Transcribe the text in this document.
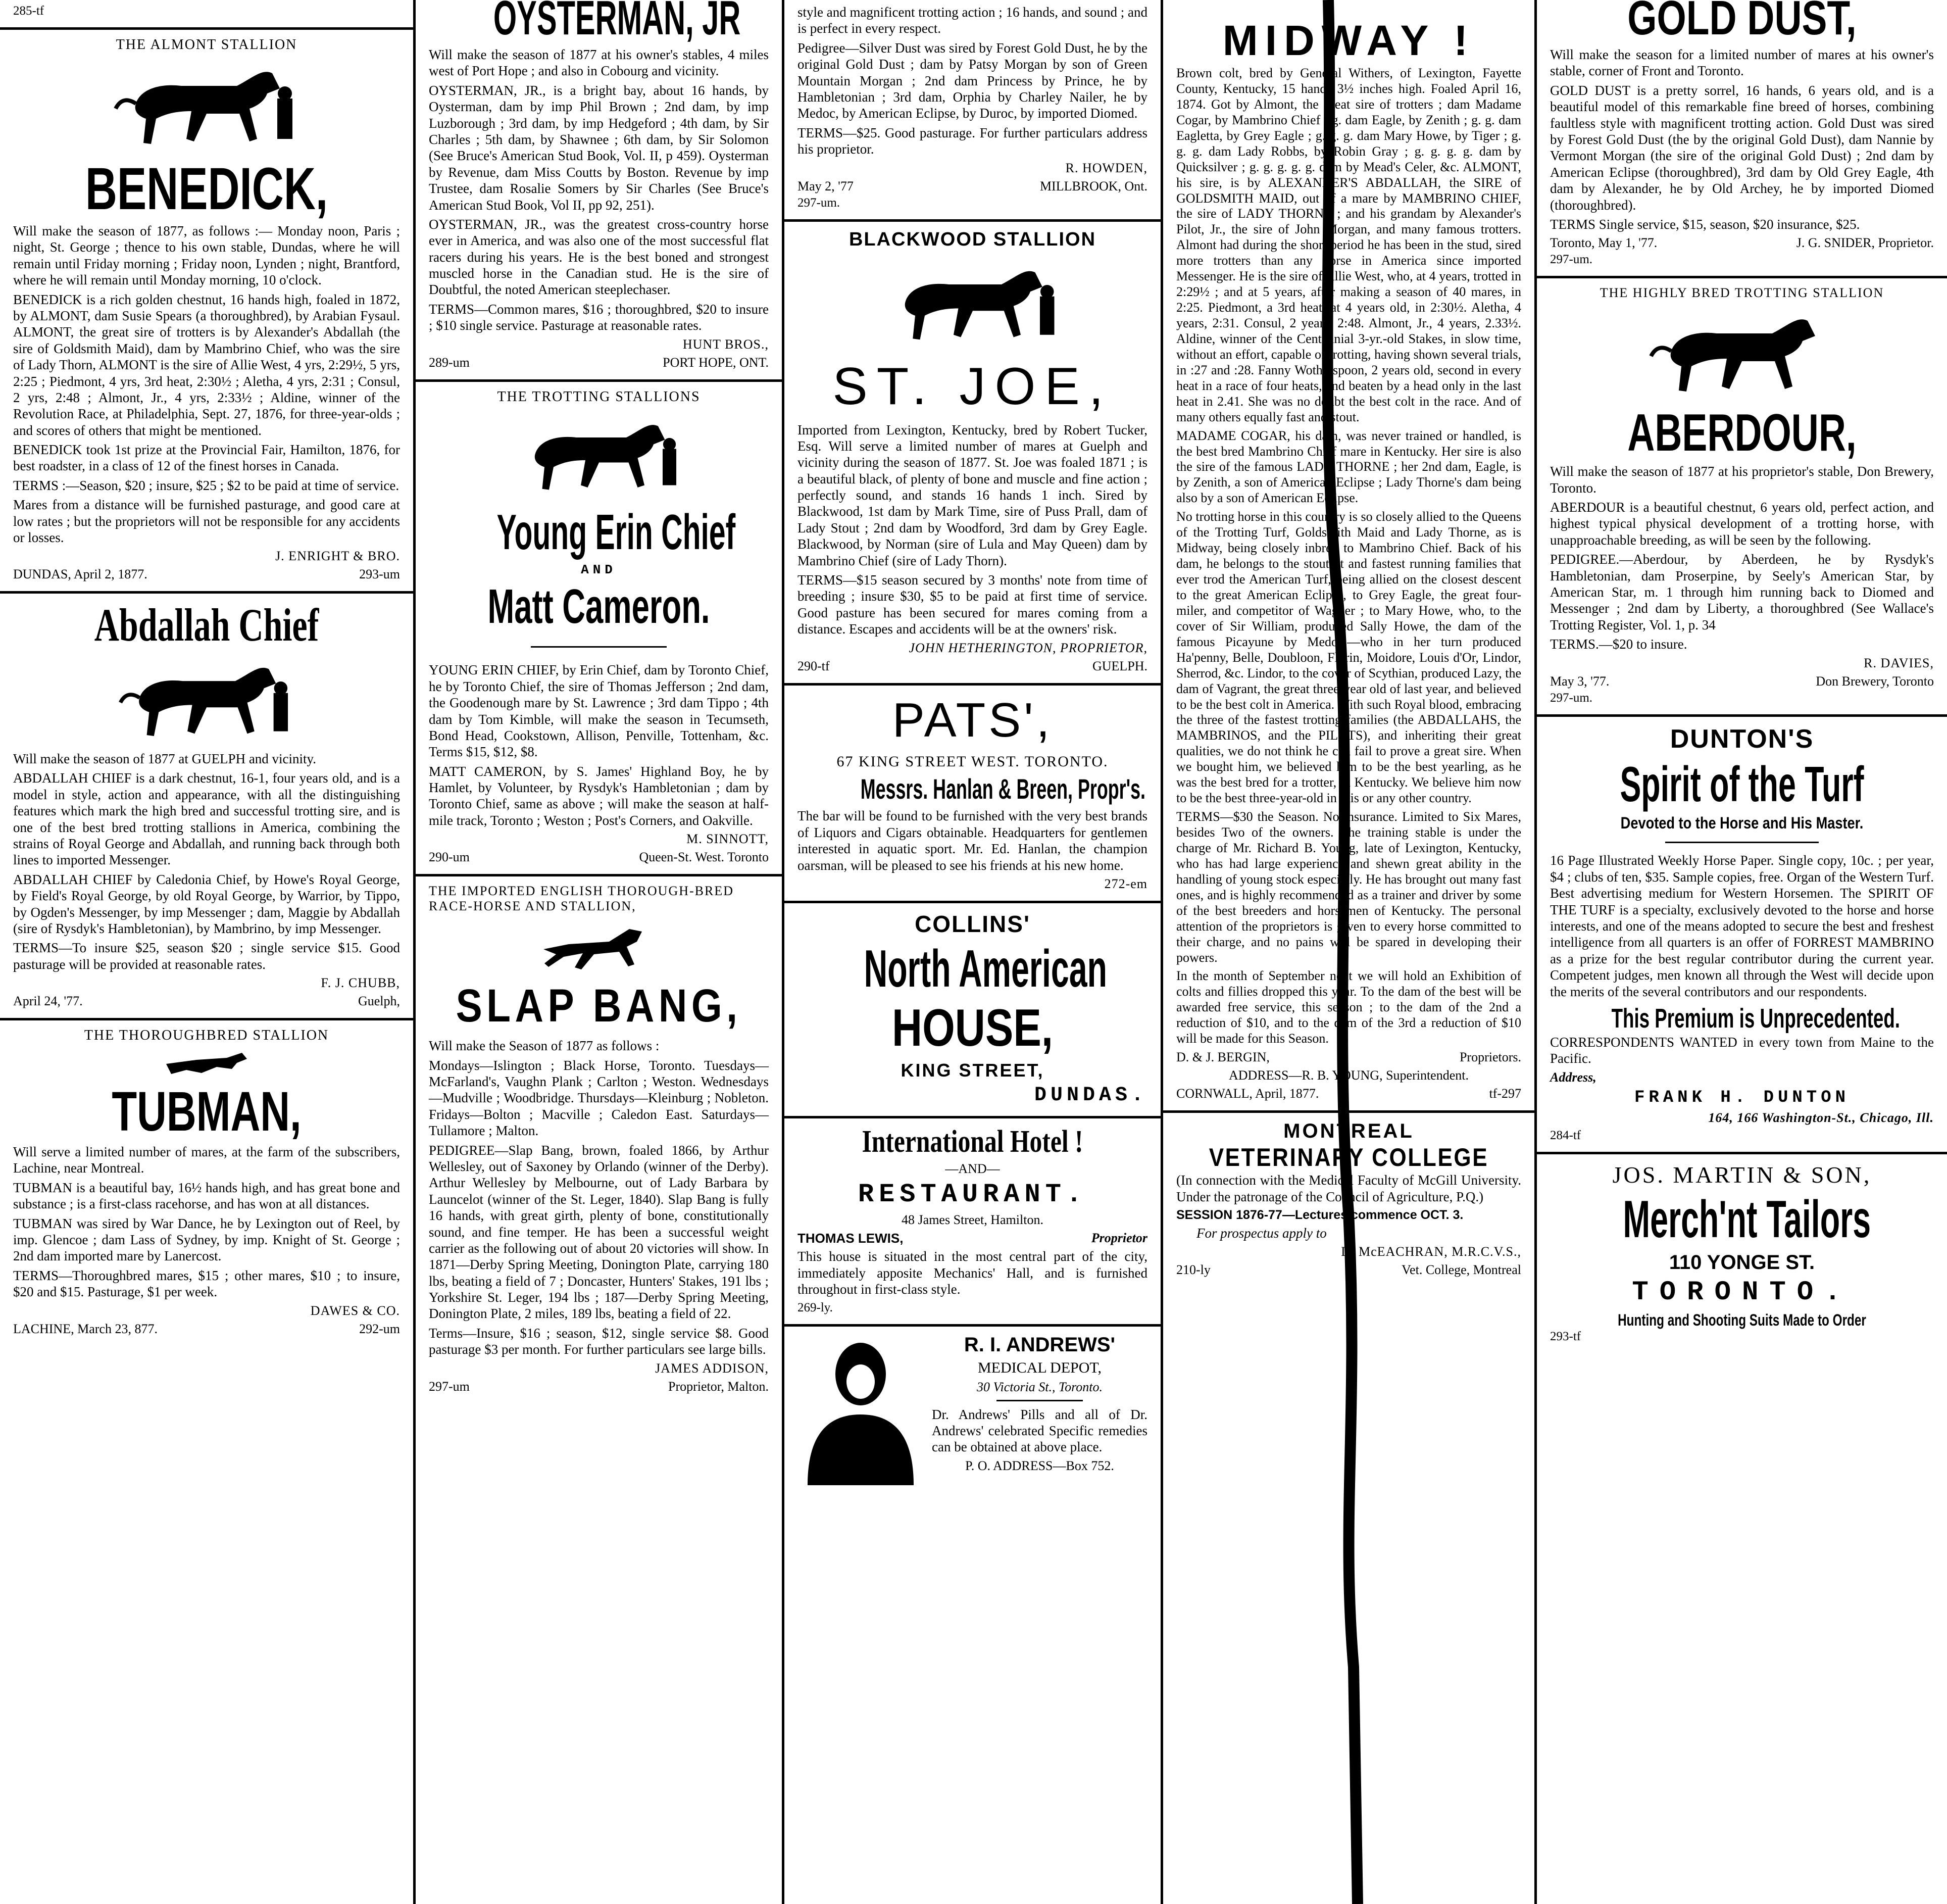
285-tf
THE ALMONT STALLION
BENEDICK,

Will make the season of 1877, as follows :— Monday noon, Paris ; night, St. George ; thence to his own stable, Dundas, where he will remain until Friday morning ; Friday noon, Lynden ; night, Brantford, where he will remain until Monday morning, 10 o'clock.

BENEDICK is a rich golden chestnut, 16 hands high, foaled in 1872, by ALMONT, dam Susie Spears (a thoroughbred), by Arabian Fysaul. ALMONT, the great sire of trotters is by Alexander's Abdallah (the sire of Goldsmith Maid), dam by Mambrino Chief, who was the sire of Lady Thorn, ALMONT is the sire of Allie West, 4 yrs, 2:29½, 5 yrs, 2:25 ; Piedmont, 4 yrs, 3rd heat, 2:30½ ; Aletha, 4 yrs, 2:31 ; Consul, 2 yrs, 2:48 ; Almont, Jr., 4 yrs, 2:33½ ; Aldine, winner of the Revolution Race, at Philadelphia, Sept. 27, 1876, for three-year-olds ; and scores of others that might be mentioned.

BENEDICK took 1st prize at the Provincial Fair, Hamilton, 1876, for best roadster, in a class of 12 of the finest horses in Canada.

TERMS :—Season, $20 ; insure, $25 ; $2 to be paid at time of service.

Mares from a distance will be furnished pasturage, and good care at low rates ; but the proprietors will not be responsible for any accidents or losses.

J. ENRIGHT & BRO.
DUNDAS, April 2, 1877.	293-um
Abdallah Chief

Will make the season of 1877 at GUELPH and vicinity.

ABDALLAH CHIEF is a dark chestnut, 16-1, four years old, and is a model in style, action and appearance, with all the distinguishing features which mark the high bred and successful trotting sire, and is one of the best bred trotting stallions in America, combining the strains of Royal George and Abdallah, and running back through both lines to imported Messenger.

ABDALLAH CHIEF by Caledonia Chief, by Howe's Royal George, by Field's Royal George, by old Royal George, by Warrior, by Tippo, by Ogden's Messenger, by imp Messenger ; dam, Maggie by Abdallah (sire of Rysdyk's Hambletonian), by Mambrino, by imp Messenger.

TERMS—To insure $25, season $20 ; single service $15. Good pasturage will be provided at reasonable rates.

F. J. CHUBB,
April 24, '77.	Guelph,
THE THOROUGHBRED STALLION
TUBMAN,

Will serve a limited number of mares, at the farm of the subscribers, Lachine, near Montreal.

TUBMAN is a beautiful bay, 16½ hands high, and has great bone and substance ; is a first-class racehorse, and has won at all distances.

TUBMAN was sired by War Dance, he by Lexington out of Reel, by imp. Glencoe ; dam Lass of Sydney, by imp. Knight of St. George ; 2nd dam imported mare by Lanercost.

TERMS—Thoroughbred mares, $15 ; other mares, $10 ; to insure, $20 and $15. Pasturage, $1 per week.

DAWES & CO.
LACHINE, March 23, 877.	292-um
OYSTERMAN, JR

Will make the season of 1877 at his owner's stables, 4 miles west of Port Hope ; and also in Cobourg and vicinity.

OYSTERMAN, JR., is a bright bay, about 16 hands, by Oysterman, dam by imp Phil Brown ; 2nd dam, by imp Luzborough ; 3rd dam, by imp Hedgeford ; 4th dam, by Sir Charles ; 5th dam, by Shawnee ; 6th dam, by Sir Solomon (See Bruce's American Stud Book, Vol. II, p 459). Oysterman by Revenue, dam Miss Coutts by Boston. Revenue by imp Trustee, dam Rosalie Somers by Sir Charles (See Bruce's American Stud Book, Vol II, pp 92, 251).

OYSTERMAN, JR., was the greatest cross-country horse ever in America, and was also one of the most successful flat racers during his years. He is the best boned and strongest muscled horse in the Canadian stud. He is the sire of Doubtful, the noted American steeplechaser.

TERMS—Common mares, $16 ; thoroughbred, $20 to insure ; $10 single service. Pasturage at reasonable rates.

HUNT BROS.,
289-um	PORT HOPE, ONT.
THE TROTTING STALLIONS
Young Erin Chief
AND
Matt Cameron.

YOUNG ERIN CHIEF, by Erin Chief, dam by Toronto Chief, he by Toronto Chief, the sire of Thomas Jefferson ; 2nd dam, the Goodenough mare by St. Lawrence ; 3rd dam Tippo ; 4th dam by Tom Kimble, will make the season in Tecumseth, Bond Head, Cookstown, Allison, Penville, Tottenham, &c. Terms $15, $12, $8.

MATT CAMERON, by S. James' Highland Boy, he by Hamlet, by Volunteer, by Rysdyk's Hambletonian ; dam by Toronto Chief, same as above ; will make the season at half-mile track, Toronto ; Weston ; Post's Corners, and Oakville.

M. SINNOTT,
290-um	Queen-St. West. Toronto
THE IMPORTED ENGLISH THOROUGH-BRED RACE-HORSE AND STALLION,
SLAP BANG,

Will make the Season of 1877 as follows :

Mondays—Islington ; Black Horse, Toronto. Tuesdays—McFarland's, Vaughn Plank ; Carlton ; Weston. Wednesdays—Mudville ; Woodbridge. Thursdays—Kleinburg ; Nobleton. Fridays—Bolton ; Macville ; Caledon East. Saturdays—Tullamore ; Malton.

PEDIGREE—Slap Bang, brown, foaled 1866, by Arthur Wellesley, out of Saxoney by Orlando (winner of the Derby). Arthur Wellesley by Melbourne, out of Lady Barbara by Launcelot (winner of the St. Leger, 1840). Slap Bang is fully 16 hands, with great girth, plenty of bone, constitutionally sound, and fine temper. He has been a successful weight carrier as the following out of about 20 victories will show. In 1871—Derby Spring Meeting, Donington Plate, carrying 180 lbs, beating a field of 7 ; Doncaster, Hunters' Stakes, 191 lbs ; Yorkshire St. Leger, 194 lbs ; 187—Derby Spring Meeting, Donington Plate, 2 miles, 189 lbs, beating a field of 22.

Terms—Insure, $16 ; season, $12, single service $8. Good pasturage $3 per month. For further particulars see large bills.

JAMES ADDISON,
297-um	Proprietor, Malton.

style and magnificent trotting action ; 16 hands, and sound ; and is perfect in every respect.

Pedigree—Silver Dust was sired by Forest Gold Dust, he by the original Gold Dust ; dam by Patsy Morgan by son of Green Mountain Morgan ; 2nd dam Princess by Prince, he by Hambletonian ; 3rd dam, Orphia by Charley Nailer, he by Medoc, by American Eclipse, by Duroc, by imported Diomed.

TERMS—$25. Good pasturage. For further particulars address his proprietor.

R. HOWDEN,
May 2, '77	MILLBROOK, Ont.
297-um.
BLACKWOOD STALLION
ST. JOE,

Imported from Lexington, Kentucky, bred by Robert Tucker, Esq. Will serve a limited number of mares at Guelph and vicinity during the season of 1877. St. Joe was foaled 1871 ; is a beautiful black, of plenty of bone and muscle and fine action ; perfectly sound, and stands 16 hands 1 inch. Sired by Blackwood, 1st dam by Mark Time, sire of Puss Prall, dam of Lady Stout ; 2nd dam by Woodford, 3rd dam by Grey Eagle. Blackwood, by Norman (sire of Lula and May Queen) dam by Mambrino Chief (sire of Lady Thorn).

TERMS—$15 season secured by 3 months' note from time of breeding ; insure $30, $5 to be paid at first time of service. Good pasture has been secured for mares coming from a distance. Escapes and accidents will be at the owners' risk.

JOHN HETHERINGTON, PROPRIETOR,
290-tf	GUELPH.
PATS',
67 KING STREET WEST. TORONTO.
Messrs. Hanlan & Breen, Propr's.

The bar will be found to be furnished with the very best brands of Liquors and Cigars obtainable. Headquarters for gentlemen interested in aquatic sport. Mr. Ed. Hanlan, the champion oarsman, will be pleased to see his friends at his new home.

272-em
COLLINS'
North American
HOUSE,
KING STREET,
DUNDAS.
International Hotel !
—AND—
RESTAURANT.
48 James Street, Hamilton.
THOMAS LEWIS,	Proprietor

This house is situated in the most central part of the city, immediately apposite Mechanics' Hall, and is furnished throughout in first-class style.

269-ly.
R. I. ANDREWS'
MEDICAL DEPOT,
30 Victoria St., Toronto.

Dr. Andrews' Pills and all of Dr. Andrews' celebrated Specific remedies can be obtained at above place.

P. O. ADDRESS—Box 752.
MIDWAY !

Brown colt, bred by General Withers, of Lexington, Fayette County, Kentucky, 15 hands 3½ inches high. Foaled April 16, 1874. Got by Almont, the great sire of trotters ; dam Madame Cogar, by Mambrino Chief ; g. dam Eagle, by Zenith ; g. g. dam Eagletta, by Grey Eagle ; g. g. g. dam Mary Howe, by Tiger ; g. g. g. dam Lady Robbs, by Robin Gray ; g. g. g. g. dam by Quicksilver ; g. g. g. g. g. dam by Mead's Celer, &c. ALMONT, his sire, is by ALEXANDER'S ABDALLAH, the SIRE of GOLDSMITH MAID, out of a mare by MAMBRINO CHIEF, the sire of LADY THORNE ; and his grandam by Alexander's Pilot, Jr., the sire of John Morgan, and many famous trotters. Almont had during the short period he has been in the stud, sired more trotters than any horse in America since imported Messenger. He is the sire of Allie West, who, at 4 years, trotted in 2:29½ ; and at 5 years, after making a season of 40 mares, in 2:25. Piedmont, a 3rd heat, at 4 years old, in 2:30½. Aletha, 4 years, 2:31. Consul, 2 years, 2:48. Almont, Jr., 4 years, 2.33½. Aldine, winner of the Centennial 3-yr.-old Stakes, in slow time, without an effort, capable of trotting, having shown several trials, in :27 and :28. Fanny Wotherspoon, 2 years old, second in every heat in a race of four heats, and beaten by a head only in the last heat in 2.41. She was no doubt the best colt in the race. And of many others equally fast and stout.

MADAME COGAR, his dam, was never trained or handled, is the best bred Mambrino Chief mare in Kentucky. Her sire is also the sire of the famous LADY THORNE ; her 2nd dam, Eagle, is by Zenith, a son of American Eclipse ; Lady Thorne's dam being also by a son of American Eclipse.

No trotting horse in this country is so closely allied to the Queens of the Trotting Turf, Goldsmith Maid and Lady Thorne, as is Midway, being closely inbred to Mambrino Chief. Back of his dam, he belongs to the stoutest and fastest running families that ever trod the American Turf, being allied on the closest descent to the great American Eclipse, to Grey Eagle, the great four-miler, and competitor of Wagner ; to Mary Howe, who, to the cover of Sir William, produced Sally Howe, the dam of the famous Picayune by Medoc,—who in her turn produced Ha'penny, Belle, Doubloon, Florin, Moidore, Louis d'Or, Lindor, Sherrod, &c. Lindor, to the cover of Scythian, produced Lazy, the dam of Vagrant, the great three-year old of last year, and believed to be the best colt in America. With such Royal blood, embracing the three of the fastest trotting families (the ABDALLAHS, the MAMBRINOS, and the PILOTS), and inheriting their great qualities, we do not think he can fail to prove a great sire. When we bought him, we believed him to be the best yearling, as he was the best bred for a trotter, in Kentucky. We believe him now to be the best three-year-old in this or any other country.

TERMS—$30 the Season. No insurance. Limited to Six Mares, besides Two of the owners. The training stable is under the charge of Mr. Richard B. Young, late of Lexington, Kentucky, who has had large experience and shewn great ability in the handling of young stock especially. He has brought out many fast ones, and is highly recommended as a trainer and driver by some of the best breeders and horsemen of Kentucky. The personal attention of the proprietors is given to every horse committed to their charge, and no pains will be spared in developing their powers.

In the month of September next we will hold an Exhibition of colts and fillies dropped this year. To the dam of the best will be awarded free service, this season ; to the dam of the 2nd a reduction of $10, and to the dam of the 3rd a reduction of $10 will be made for this Season.

D. & J. BERGIN,	Proprietors.
ADDRESS—R. B. YOUNG, Superintendent.
CORNWALL, April, 1877.	tf-297
MONTREAL
VETERINARY COLLEGE

(In connection with the Medical Faculty of McGill University. Under the patronage of the Council of Agriculture, P.Q.)

SESSION 1876-77—Lectures commence OCT. 3.
For prospectus apply to
D. McEACHRAN, M.R.C.V.S.,
210-ly	Vet. College, Montreal
GOLD DUST,

Will make the season for a limited number of mares at his owner's stable, corner of Front and Toronto.

GOLD DUST is a pretty sorrel, 16 hands, 6 years old, and is a beautiful model of this remarkable fine breed of horses, combining faultless style with magnificent trotting action. Gold Dust was sired by Forest Gold Dust (the by the original Gold Dust), dam Nannie by Vermont Morgan (the sire of the original Gold Dust) ; 2nd dam by American Eclipse (thoroughbred), 3rd dam by Old Grey Eagle, 4th dam by Alexander, he by Old Archey, he by imported Diomed (thoroughbred).

TERMS Single service, $15, season, $20 insurance, $25.

Toronto, May 1, '77.	J. G. SNIDER, Proprietor.
297-um.
THE HIGHLY BRED TROTTING STALLION
ABERDOUR,

Will make the season of 1877 at his proprietor's stable, Don Brewery, Toronto.

ABERDOUR is a beautiful chestnut, 6 years old, perfect action, and highest typical physical development of a trotting horse, with unapproachable breeding, as will be seen by the following.

PEDIGREE.—Aberdour, by Aberdeen, he by Rysdyk's Hambletonian, dam Proserpine, by Seely's American Star, by American Star, m. 1 through him running back to Diomed and Messenger ; 2nd dam by Liberty, a thoroughbred (See Wallace's Trotting Register, Vol. 1, p. 34

TERMS.—$20 to insure.

R. DAVIES,
May 3, '77.	Don Brewery, Toronto
297-um.
DUNTON'S
Spirit of the Turf
Devoted to the Horse and His Master.

16 Page Illustrated Weekly Horse Paper. Single copy, 10c. ; per year, $4 ; clubs of ten, $35. Sample copies, free. Organ of the Western Turf. Best advertising medium for Western Horsemen. The SPIRIT OF THE TURF is a specialty, exclusively devoted to the horse and horse interests, and one of the means adopted to secure the best and freshest intelligence from all quarters is an offer of FORREST MAMBRINO as a prize for the best regular contributor during the current year. Competent judges, men known all through the West will decide upon the merits of the several contributors and our respondents.

This Premium is Unprecedented.

CORRESPONDENTS WANTED in every town from Maine to the Pacific.

Address,
FRANK H. DUNTON
164, 166 Washington-St., Chicago, Ill.
284-tf
JOS. MARTIN & SON,
Merch'nt Tailors
110 YONGE ST.
TORONTO.
Hunting and Shooting Suits Made to Order
293-tf
